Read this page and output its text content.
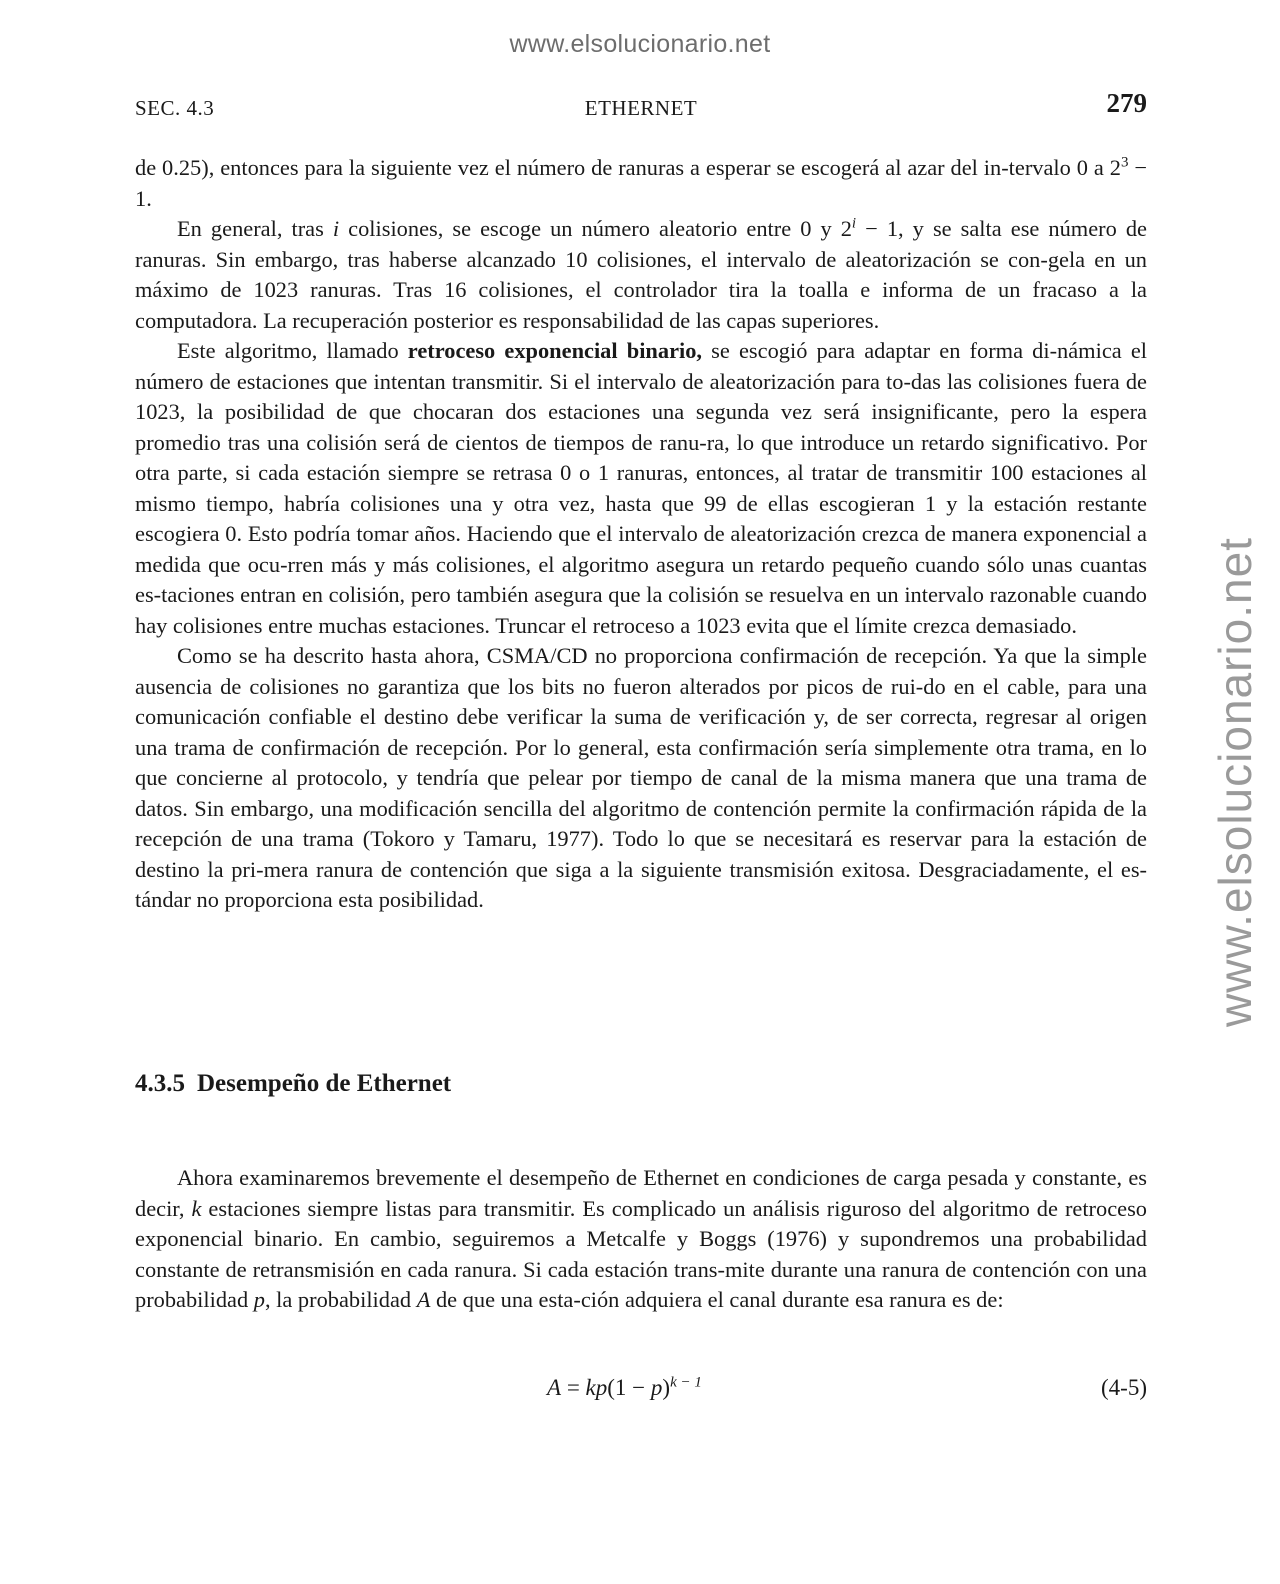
www.elsolucionario.net
www.elsolucionario.net
SEC. 4.3	ETHERNET	279

de 0.25), entonces para la siguiente vez el número de ranuras a esperar se escogerá al azar del in-tervalo 0 a $2^3 - 1$.

En general, tras i colisiones, se escoge un número aleatorio entre 0 y $2^i - 1$, y se salta ese número de ranuras. Sin embargo, tras haberse alcanzado 10 colisiones, el intervalo de aleatorización se con-gela en un máximo de 1023 ranuras. Tras 16 colisiones, el controlador tira la toalla e informa de un fracaso a la computadora. La recuperación posterior es responsabilidad de las capas superiores.

Este algoritmo, llamado retroceso exponencial binario, se escogió para adaptar en forma di-námica el número de estaciones que intentan transmitir. Si el intervalo de aleatorización para to-das las colisiones fuera de 1023, la posibilidad de que chocaran dos estaciones una segunda vez será insignificante, pero la espera promedio tras una colisión será de cientos de tiempos de ranu-ra, lo que introduce un retardo significativo. Por otra parte, si cada estación siempre se retrasa 0 o 1 ranuras, entonces, al tratar de transmitir 100 estaciones al mismo tiempo, habría colisiones una y otra vez, hasta que 99 de ellas escogieran 1 y la estación restante escogiera 0. Esto podría tomar años. Haciendo que el intervalo de aleatorización crezca de manera exponencial a medida que ocu-rren más y más colisiones, el algoritmo asegura un retardo pequeño cuando sólo unas cuantas es-taciones entran en colisión, pero también asegura que la colisión se resuelva en un intervalo razonable cuando hay colisiones entre muchas estaciones. Truncar el retroceso a 1023 evita que el límite crezca demasiado.

Como se ha descrito hasta ahora, CSMA/CD no proporciona confirmación de recepción. Ya que la simple ausencia de colisiones no garantiza que los bits no fueron alterados por picos de rui-do en el cable, para una comunicación confiable el destino debe verificar la suma de verificación y, de ser correcta, regresar al origen una trama de confirmación de recepción. Por lo general, esta confirmación sería simplemente otra trama, en lo que concierne al protocolo, y tendría que pelear por tiempo de canal de la misma manera que una trama de datos. Sin embargo, una modificación sencilla del algoritmo de contención permite la confirmación rápida de la recepción de una trama (Tokoro y Tamaru, 1977). Todo lo que se necesitará es reservar para la estación de destino la pri-mera ranura de contención que siga a la siguiente transmisión exitosa. Desgraciadamente, el es-tándar no proporciona esta posibilidad.

4.3.5 Desempeño de Ethernet

Ahora examinaremos brevemente el desempeño de Ethernet en condiciones de carga pesada y constante, es decir, k estaciones siempre listas para transmitir. Es complicado un análisis riguroso del algoritmo de retroceso exponencial binario. En cambio, seguiremos a Metcalfe y Boggs (1976) y supondremos una probabilidad constante de retransmisión en cada ranura. Si cada estación trans-mite durante una ranura de contención con una probabilidad p, la probabilidad A de que una esta-ción adquiera el canal durante esa ranura es de:

$A = kp(1 - p)^{k - 1}$	(4-5)
